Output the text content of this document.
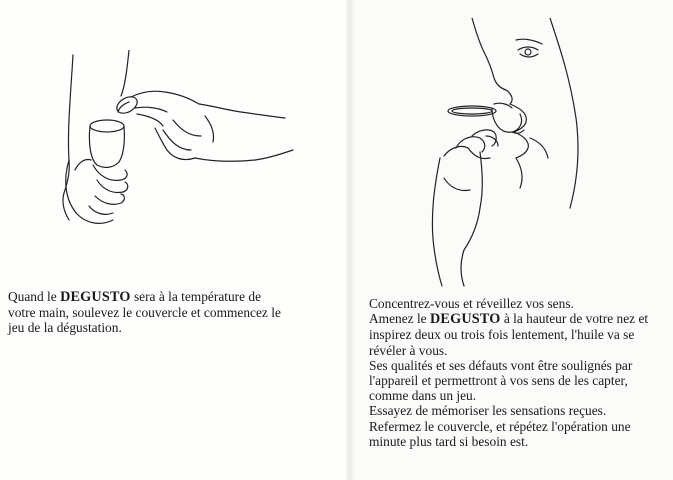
Quand le DEGUSTO sera à la température de
votre main, soulevez le couvercle et commencez le
jeu de la dégustation.
Concentrez-vous et réveillez vos sens.
Amenez le DEGUSTO à la hauteur de votre nez et
inspirez deux ou trois fois lentement, l'huile va se
révéler à vous.
Ses qualités et ses défauts vont être soulignés par
l'appareil et permettront à vos sens de les capter,
comme dans un jeu.
Essayez de mémoriser les sensations reçues.
Refermez le couvercle, et répétez l'opération une
minute plus tard si besoin est.
